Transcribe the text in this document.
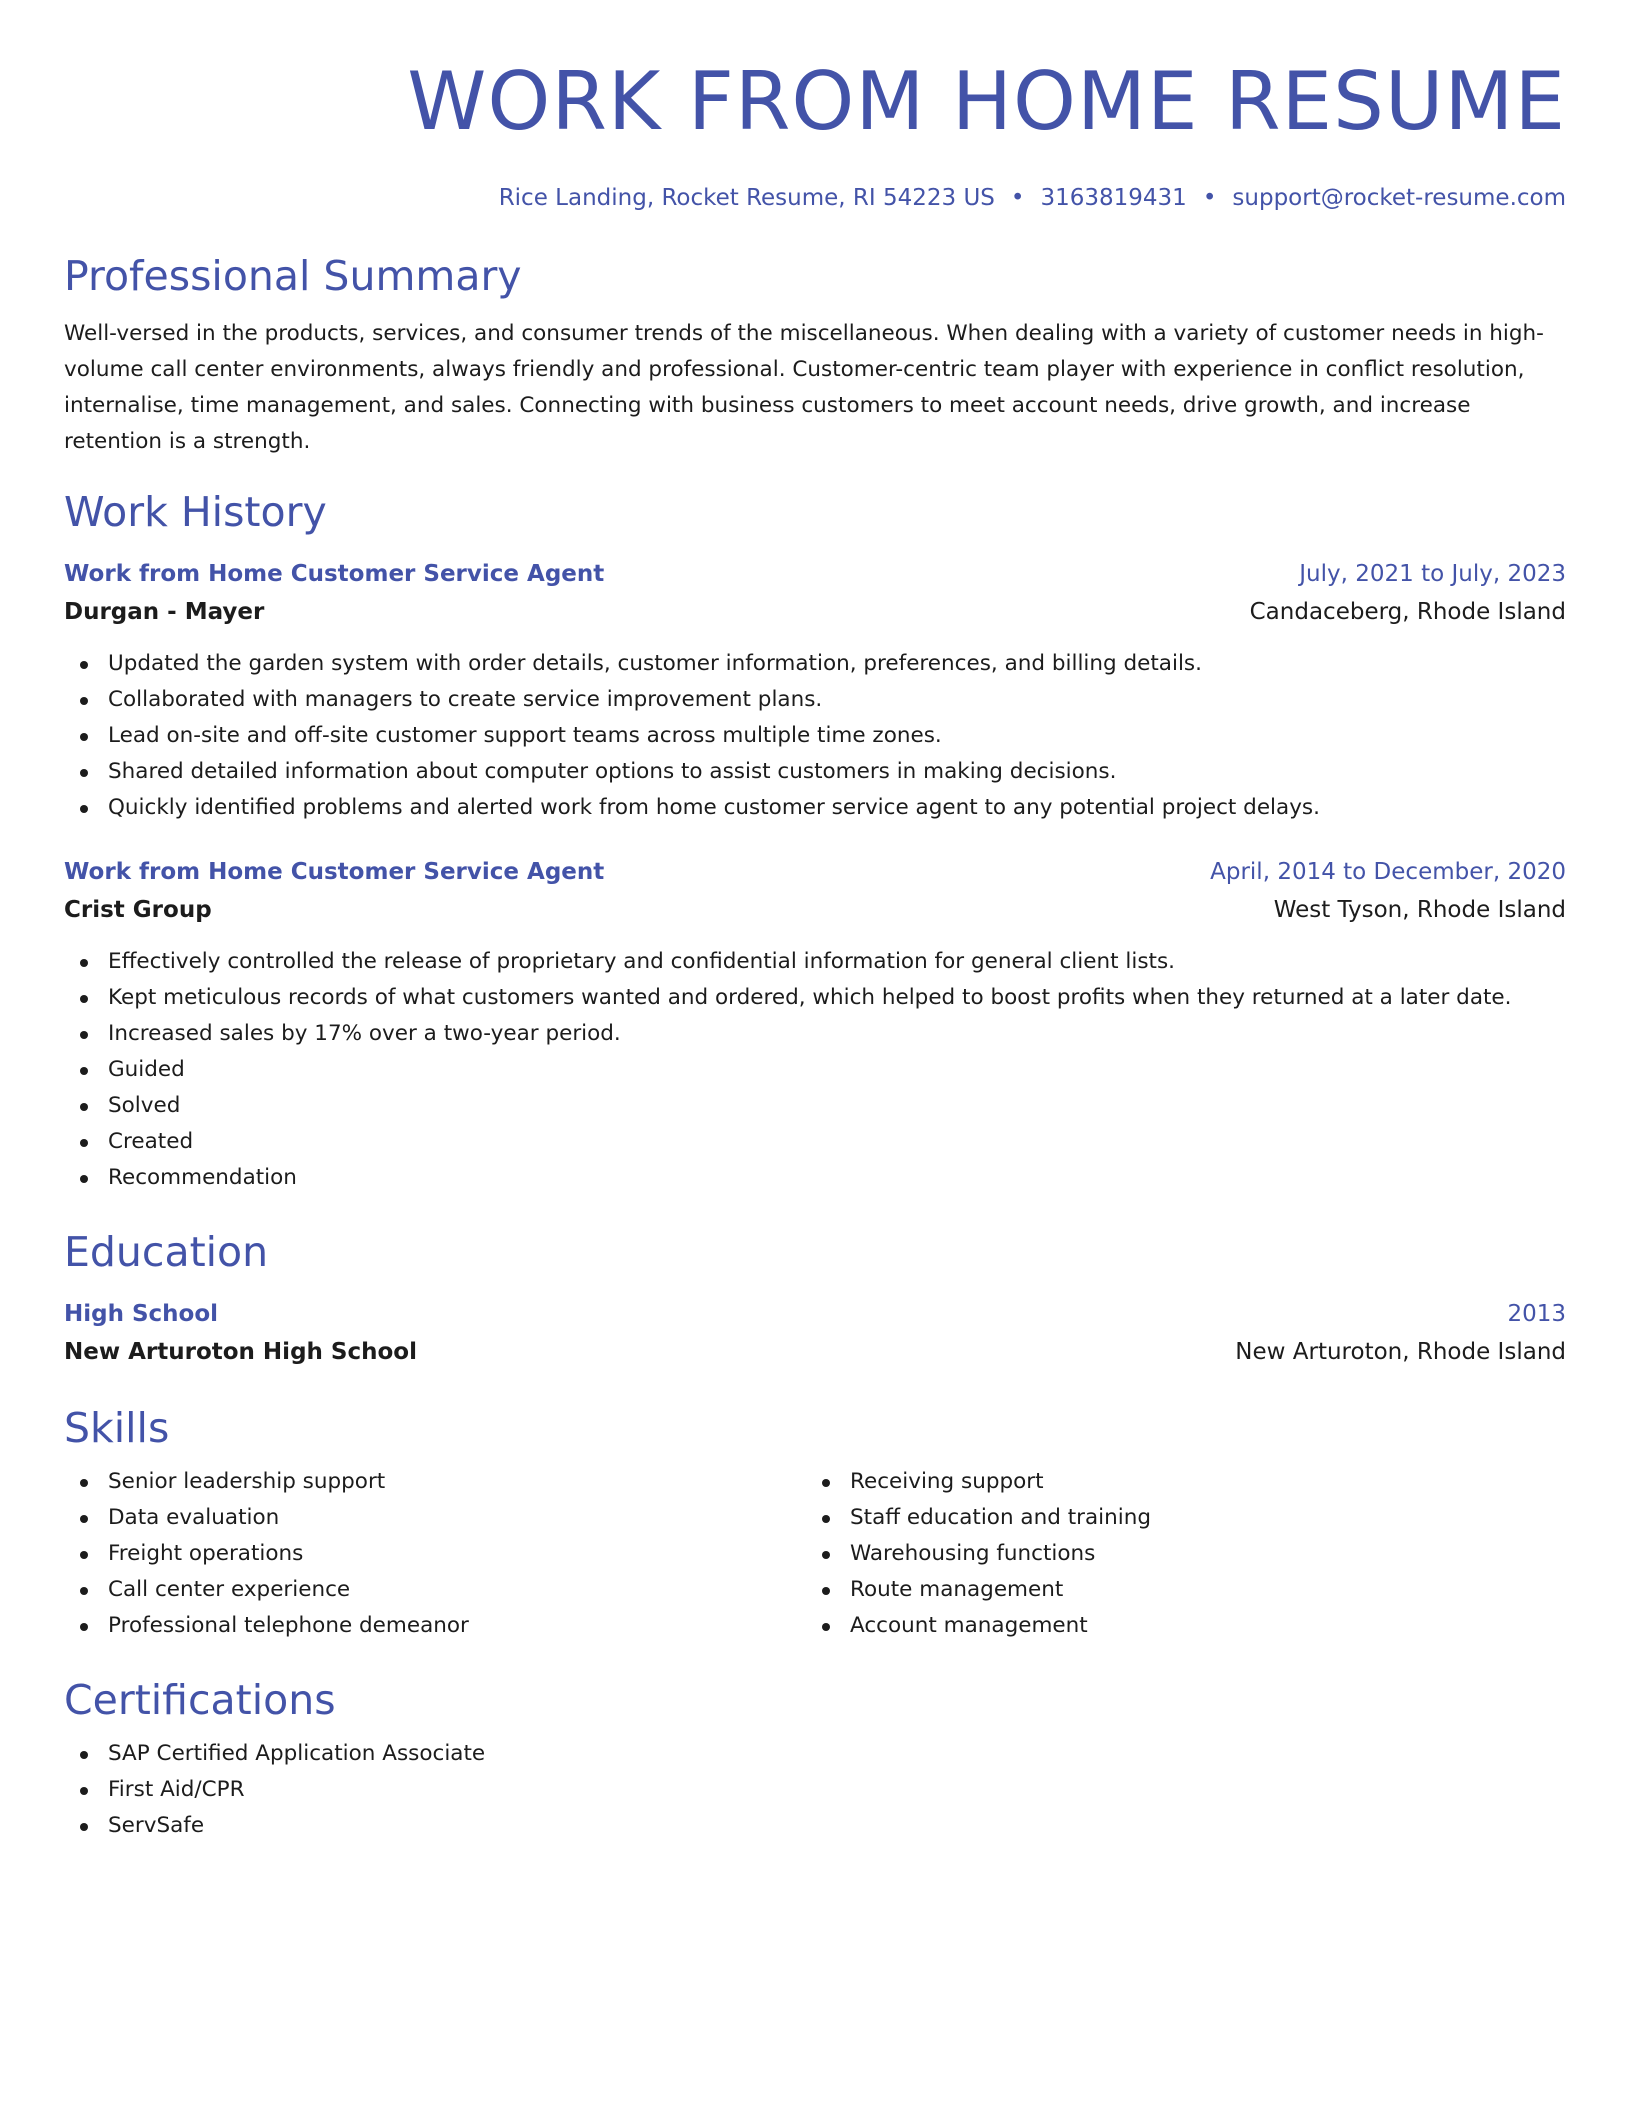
WORK FROM HOME RESUME
Rice Landing, Rocket Resume, RI 54223 US • 3163819431 • support@rocket-resume.com
Professional Summary

Well-versed in the products, services, and consumer trends of the miscellaneous. When dealing with a variety of customer needs in high-volume call center environments, always friendly and professional. Customer-centric team player with experience in conflict resolution, internalise, time management, and sales. Connecting with business customers to meet account needs, drive growth, and increase retention is a strength.

Work History
Work from Home Customer Service Agent	July, 2021 to July, 2023
Durgan - Mayer	Candaceberg, Rhode Island
Updated the garden system with order details, customer information, preferences, and billing details.
Collaborated with managers to create service improvement plans.
Lead on-site and off-site customer support teams across multiple time zones.
Shared detailed information about computer options to assist customers in making decisions.
Quickly identified problems and alerted work from home customer service agent to any potential project delays.
Work from Home Customer Service Agent	April, 2014 to December, 2020
Crist Group	West Tyson, Rhode Island
Effectively controlled the release of proprietary and confidential information for general client lists.
Kept meticulous records of what customers wanted and ordered, which helped to boost profits when they returned at a later date.
Increased sales by 17% over a two-year period.
Guided
Solved
Created
Recommendation
Education
High School	2013
New Arturoton High School	New Arturoton, Rhode Island
Skills
Senior leadership support
Data evaluation
Freight operations
Call center experience
Professional telephone demeanor
Receiving support
Staff education and training
Warehousing functions
Route management
Account management
Certifications
SAP Certified Application Associate
First Aid/CPR
ServSafe
